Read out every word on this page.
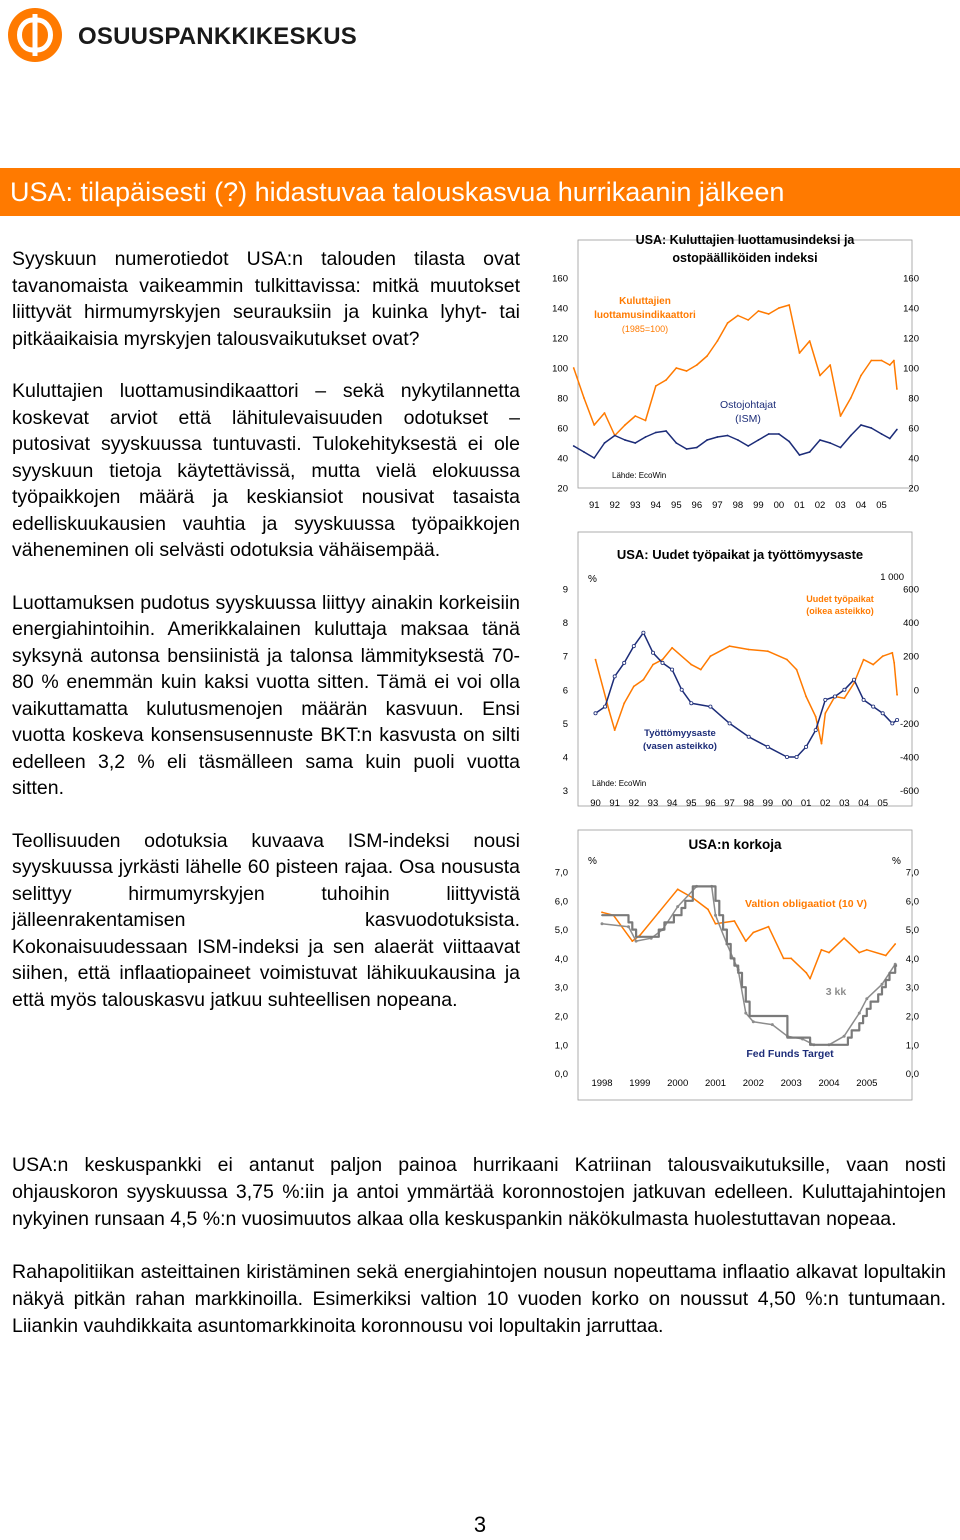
OSUUSPANKKIKESKUS
USA: tilapäisesti (?) hidastuvaa talouskasvua hurrikaanin jälkeen

Syyskuun numerotiedot USA:n talouden tilasta ovat tavanomaista vaikeammin tulkittavissa: mitkä muutokset liittyvät hirmumyrskyjen seurauksiin ja kuinka lyhyt- tai pitkäaikaisia myrskyjen talousvaikutukset ovat?

Kuluttajien luottamusindikaattori – sekä nykytilannetta koskevat arviot että lähitulevaisuuden odotukset – putosivat syyskuussa tuntuvasti. Tulokehityksestä ei ole syyskuun tietoja käytettävissä, mutta vielä elokuussa työpaikkojen määrä ja keskiansiot nousivat tasaista edelliskuukausien vauhtia ja syyskuussa työpaikkojen väheneminen oli selvästi odotuksia vähäisempää.

Luottamuksen pudotus syyskuussa liittyy ainakin korkeisiin energiahintoihin. Amerikkalainen kuluttaja maksaa tänä syksynä autonsa bensiinistä ja talonsa lämmityksestä 70-80 % enemmän kuin kaksi vuotta sitten. Tämä ei voi olla vaikuttamatta kulutusmenojen määrän kasvuun. Ensi vuotta koskeva konsensusennuste BKT:n kasvusta on silti edelleen 3,2 % eli täsmälleen sama kuin puoli vuotta sitten.

Teollisuuden odotuksia kuvaava ISM-indeksi nousi syyskuussa jyrkästi lähelle 60 pisteen rajaa. Osa noususta selittyy hirmumyrskyjen tuhoihin liittyvistä jälleenrakentamisen kasvuodotuksista. Kokonaisuudessaan ISM-indeksi ja sen alaerät viittaavat siihen, että inflaatiopaineet voimistuvat lähikuukausina ja että myös talouskasvu jatkuu suhteellisen nopeana.

USA: Kuluttajien luottamusindeksi ja
ostopäälliköiden indeksi
160
140
120
100
80
60
40
20
160
140
120
100
80
60
40
20
91 92 93 94 95 96 97 98 99 00 01 02 03 04 05
Lähde: EcoWin
USA: Uudet työpaikat ja työttömyysaste
9
8
7
6
5
4
3
600
400
200
0
-200
-400
-600
90 91 92 93 94 95 96 97 98 99 00 01 02 03 04 05
%	1 000
Lähde: EcoWin
USA:n korkoja
7,0
6,0
5,0
4,0
3,0
2,0
1,0
0,0
7,0
6,0
5,0
4,0
3,0
2,0
1,0
0,0
1998 1999 2000 2001 2002 2003 2004 2005
%	%
Kuluttajien
luottamusindikaattori
(1985=100)
Ostojohtajat
(ISM)
Uudet työpaikat
(oikea asteikko)
Työttömyysaste
(vasen asteikko)
Valtion obligaatiot (10 V)
3 kk
Fed Funds Target

USA:n keskuspankki ei antanut paljon painoa hurrikaani Katriinan talousvaikutuksille, vaan nosti ohjauskoron syyskuussa 3,75 %:iin ja antoi ymmärtää koronnostojen jatkuvan edelleen. Kuluttajahintojen nykyinen runsaan 4,5 %:n vuosimuutos alkaa olla keskuspankin näkökulmasta huolestuttavan nopeaa.

Rahapolitiikan asteittainen kiristäminen sekä energiahintojen nousun nopeuttama inflaatio alkavat lopultakin näkyä pitkän rahan markkinoilla. Esimerkiksi valtion 10 vuoden korko on noussut 4,50 %:n tuntumaan. Liiankin vauhdikkaita asuntomarkkinoita koronnousu voi lopultakin jarruttaa.

3
